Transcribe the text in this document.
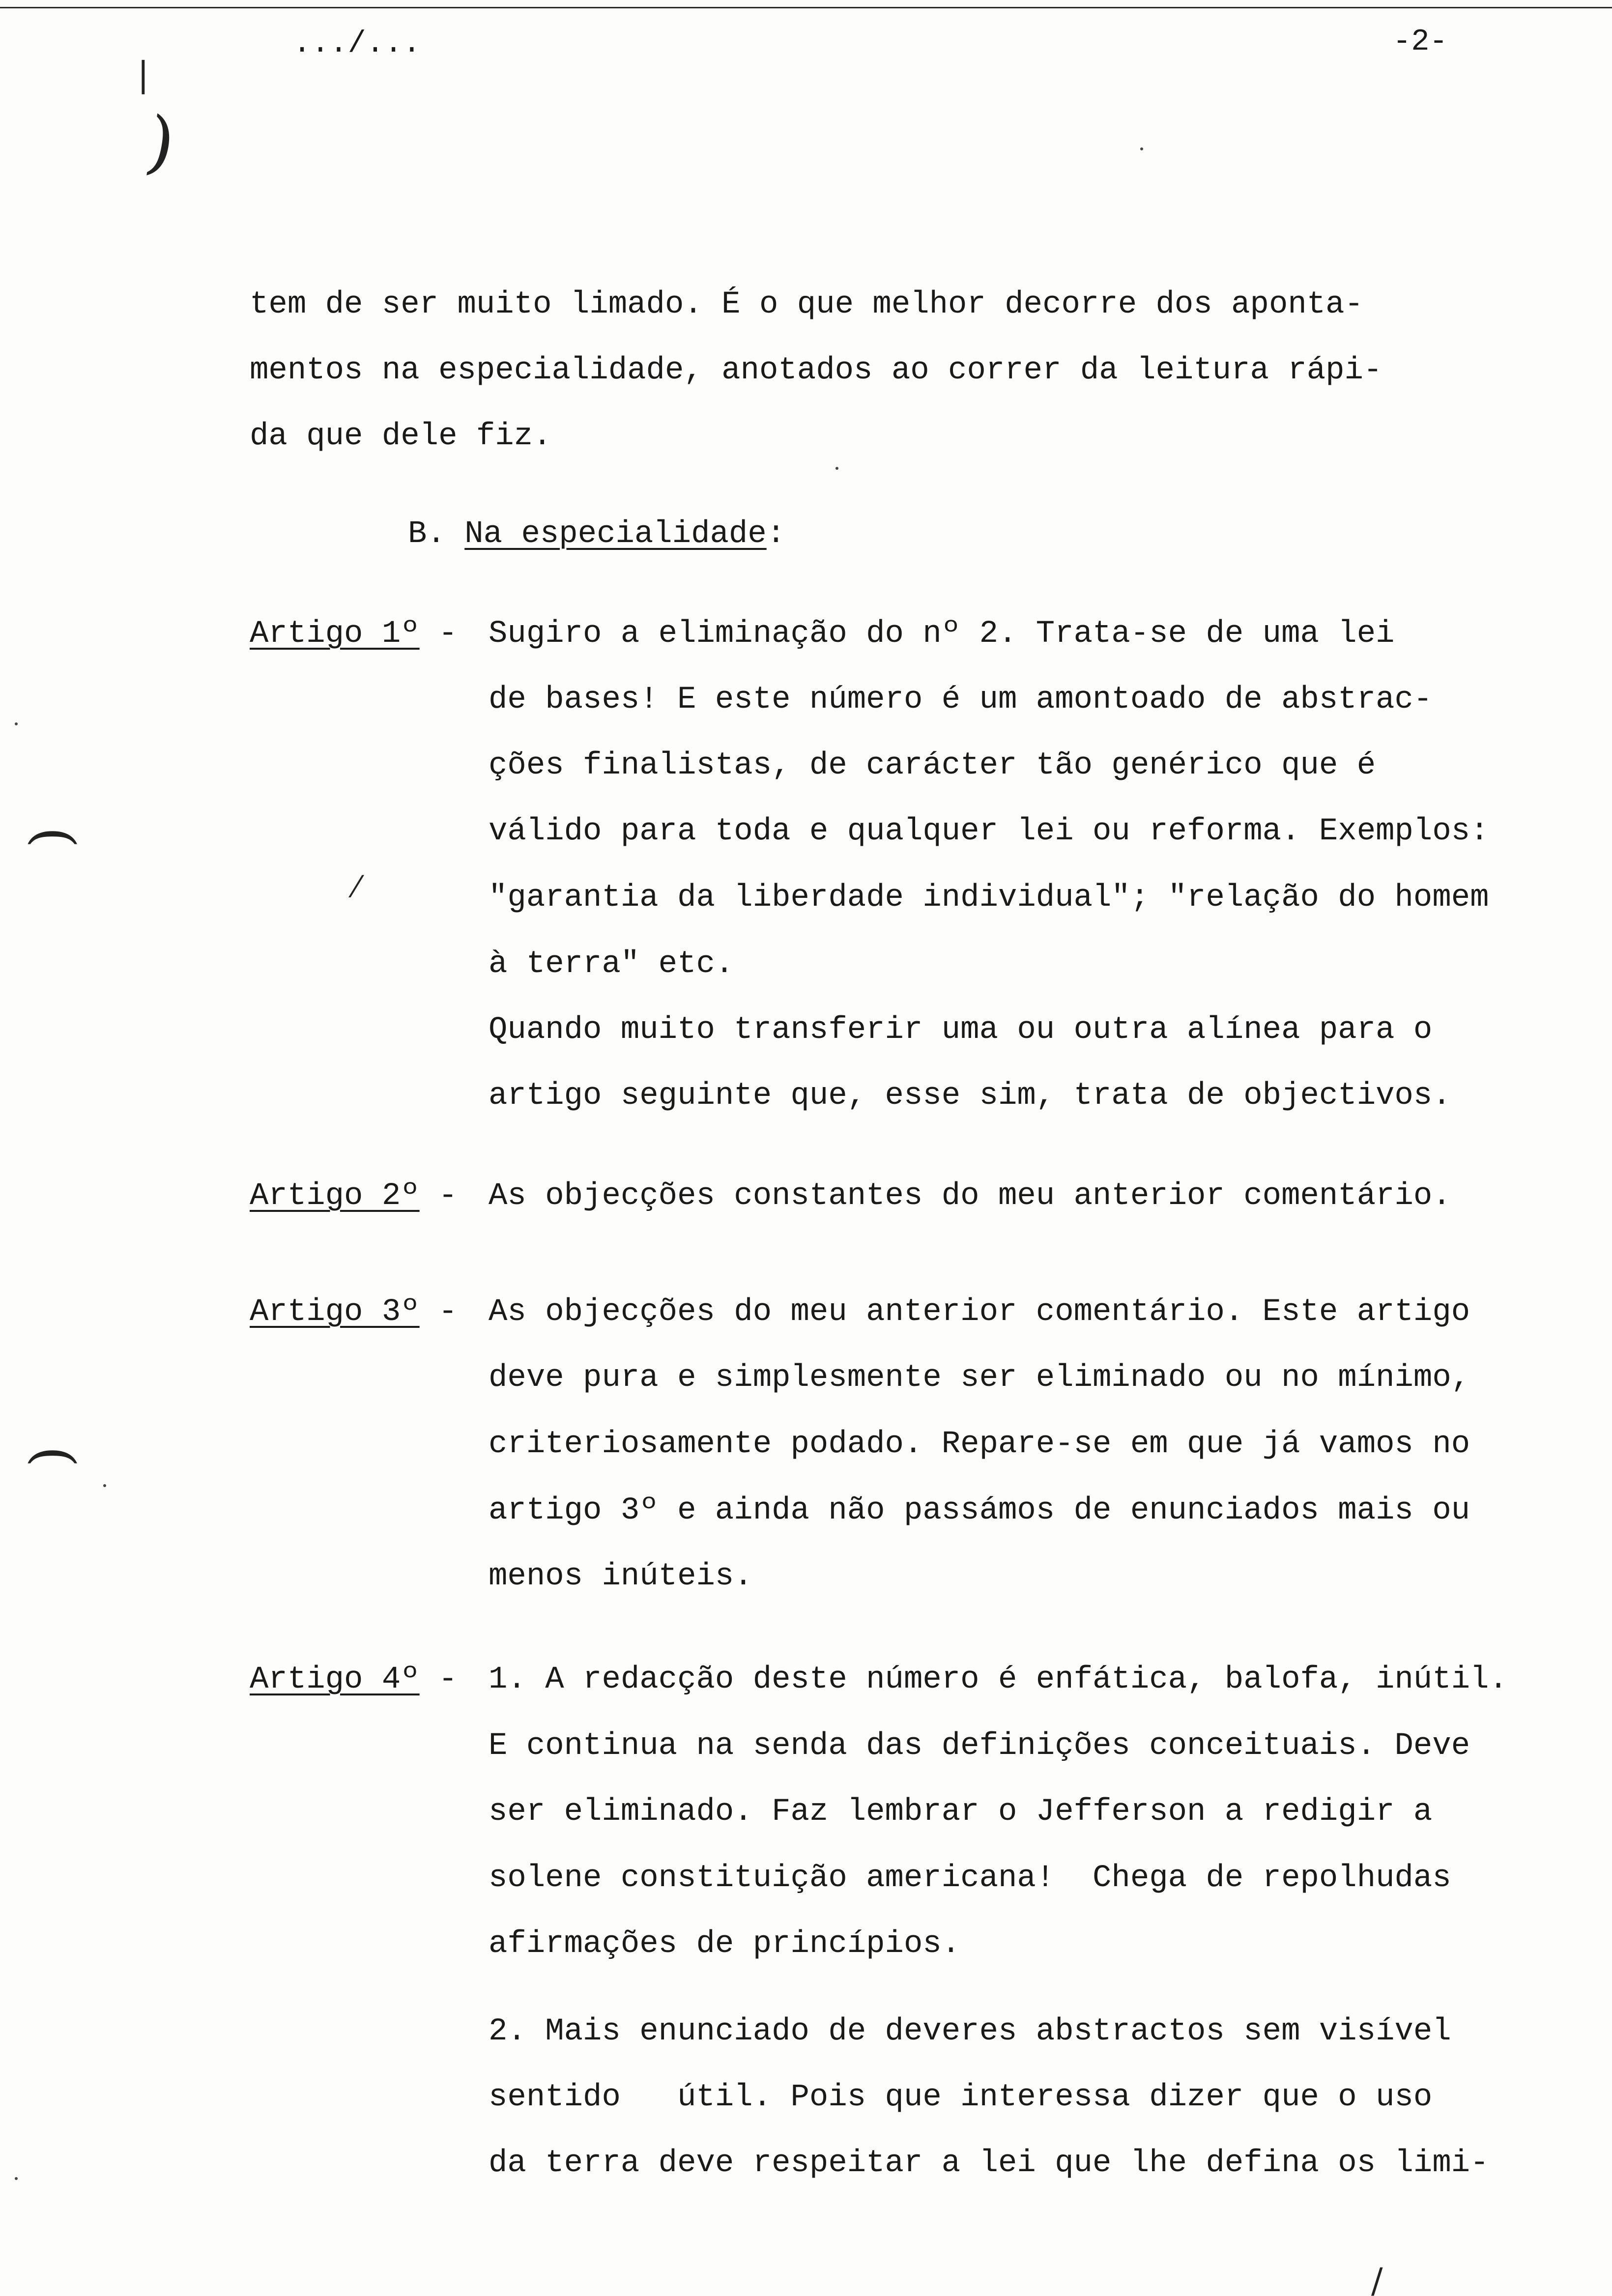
.../...	-2-
❘
)
(
(
⁄
/
tem de ser muito limado. É o que melhor decorre dos aponta-
mentos na especialidade, anotados ao correr da leitura rápi-
da que dele fiz.
B. Na especialidade:
Artigo 1º - Sugiro a eliminação do nº 2. Trata-se de uma lei
de bases! E este número é um amontoado de abstrac-
ções finalistas, de carácter tão genérico que é
válido para toda e qualquer lei ou reforma. Exemplos:
"garantia da liberdade individual"; "relação do homem
à terra" etc.
Quando muito transferir uma ou outra alínea para o
artigo seguinte que, esse sim, trata de objectivos.
Artigo 2º - As objecções constantes do meu anterior comentário.
Artigo 3º - As objecções do meu anterior comentário. Este artigo
deve pura e simplesmente ser eliminado ou no mínimo,
criteriosamente podado. Repare-se em que já vamos no
artigo 3º e ainda não passámos de enunciados mais ou
menos inúteis.
Artigo 4º - 1. A redacção deste número é enfática, balofa, inútil.
E continua na senda das definições conceituais. Deve
ser eliminado. Faz lembrar o Jefferson a redigir a
solene constituição americana!  Chega de repolhudas
afirmações de princípios.
2. Mais enunciado de deveres abstractos sem visível
sentido   útil. Pois que interessa dizer que o uso
da terra deve respeitar a lei que lhe defina os limi-
